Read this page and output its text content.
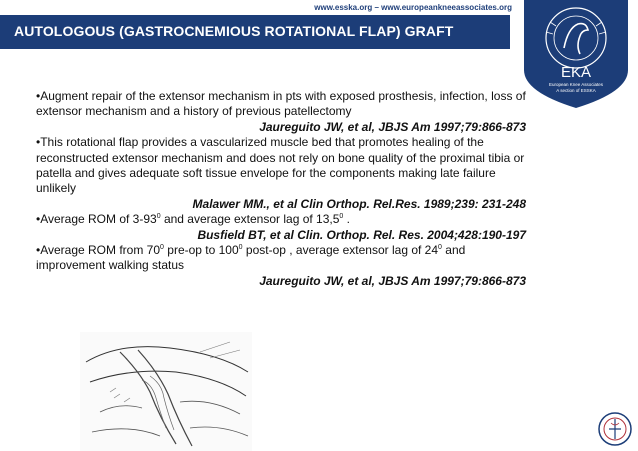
www.esska.org – www.europeankneeassociates.org
AUTOLOGOUS (GASTROCNEMIOUS ROTATIONAL FLAP) GRAFT
EKA
European Knee Associates
A section of ESSKA

•Augment repair of the extensor mechanism in pts with exposed prosthesis, infection, loss of extensor mechanism and a history of previous patellectomy

Jaureguito JW, et al, JBJS Am 1997;79:866-873

•This rotational flap provides a vascularized muscle bed that promotes healing of the reconstructed extensor mechanism and does not rely on bone quality of the proximal tibia or patella and gives adequate soft tissue envelope for the components making late failure unlikely

Malawer MM., et al Clin Orthop. Rel.Res. 1989;239: 231-248

•Average ROM of $3-93^0$ and average extensor lag of 13,5$^0$ .

Busfield BT, et al Clin. Orthop. Rel. Res. 2004;428:190-197

•Average ROM from $70^0$ pre-op to $100^0$ post-op , average extensor lag of $24^0$ and improvement walking status

Jaureguito JW, et al, JBJS Am 1997;79:866-873
